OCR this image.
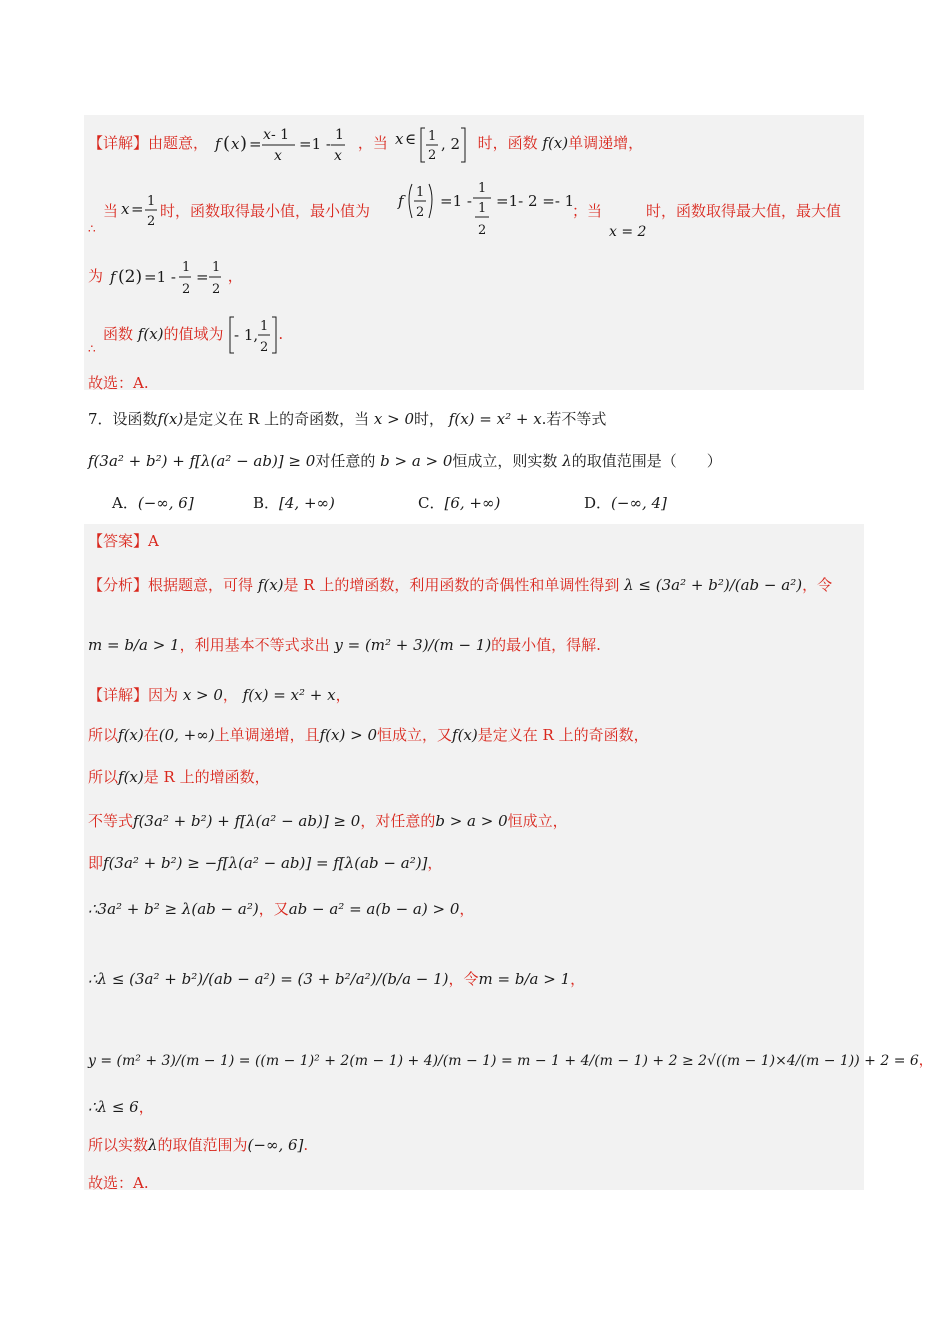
【详解】由题意， f ( x ) = x - 1
x
=1 - 1
x
，当 x ∈ 1
2
, 2 时，函数 f(x)单调递增，
∴
当 x = 1
2
时，函数取得最小值，最小值为
f 1
2
=1 -
1
1
2
=1- 2 =- 1
；当
x = 2
时，函数取得最大值，最大值
为 f (2) =1 -
1
2
=
1
2
，
∴
函数 f(x)的值域为 - 1, 1
2
.
故选：A.
7．设函数f(x)是定义在 R 上的奇函数，当 x > 0时， f(x) = x² + x.若不等式
f(3a² + b²) + f[λ(a² − ab)] ≥ 0对任意的 b > a > 0恒成立，则实数 λ的取值范围是（　　）
A．(−∞, 6]	B．[4, +∞)	C．[6, +∞)	D．(−∞, 4]
【答案】A
【分析】根据题意，可得 f(x)是 R 上的增函数，利用函数的奇偶性和单调性得到 λ ≤ (3a² + b²)/(ab − a²)，令
m = b/a > 1，利用基本不等式求出 y = (m² + 3)/(m − 1)的最小值，得解.
【详解】因为 x > 0， f(x) = x² + x，
所以f(x)在(0, +∞)上单调递增，且f(x) > 0恒成立，又f(x)是定义在 R 上的奇函数，
所以f(x)是 R 上的增函数，
不等式f(3a² + b²) + f[λ(a² − ab)] ≥ 0，对任意的b > a > 0恒成立，
即f(3a² + b²) ≥ −f[λ(a² − ab)] = f[λ(ab − a²)]，
∴3a² + b² ≥ λ(ab − a²)，又ab − a² = a(b − a) > 0，
∴λ ≤ (3a² + b²)/(ab − a²) = (3 + b²/a²)/(b/a − 1)，令m = b/a > 1，
y = (m² + 3)/(m − 1) = ((m − 1)² + 2(m − 1) + 4)/(m − 1) = m − 1 + 4/(m − 1) + 2 ≥ 2√((m − 1)×4/(m − 1)) + 2 = 6，
∴λ ≤ 6，
所以实数λ的取值范围为(−∞, 6].
故选：A.
